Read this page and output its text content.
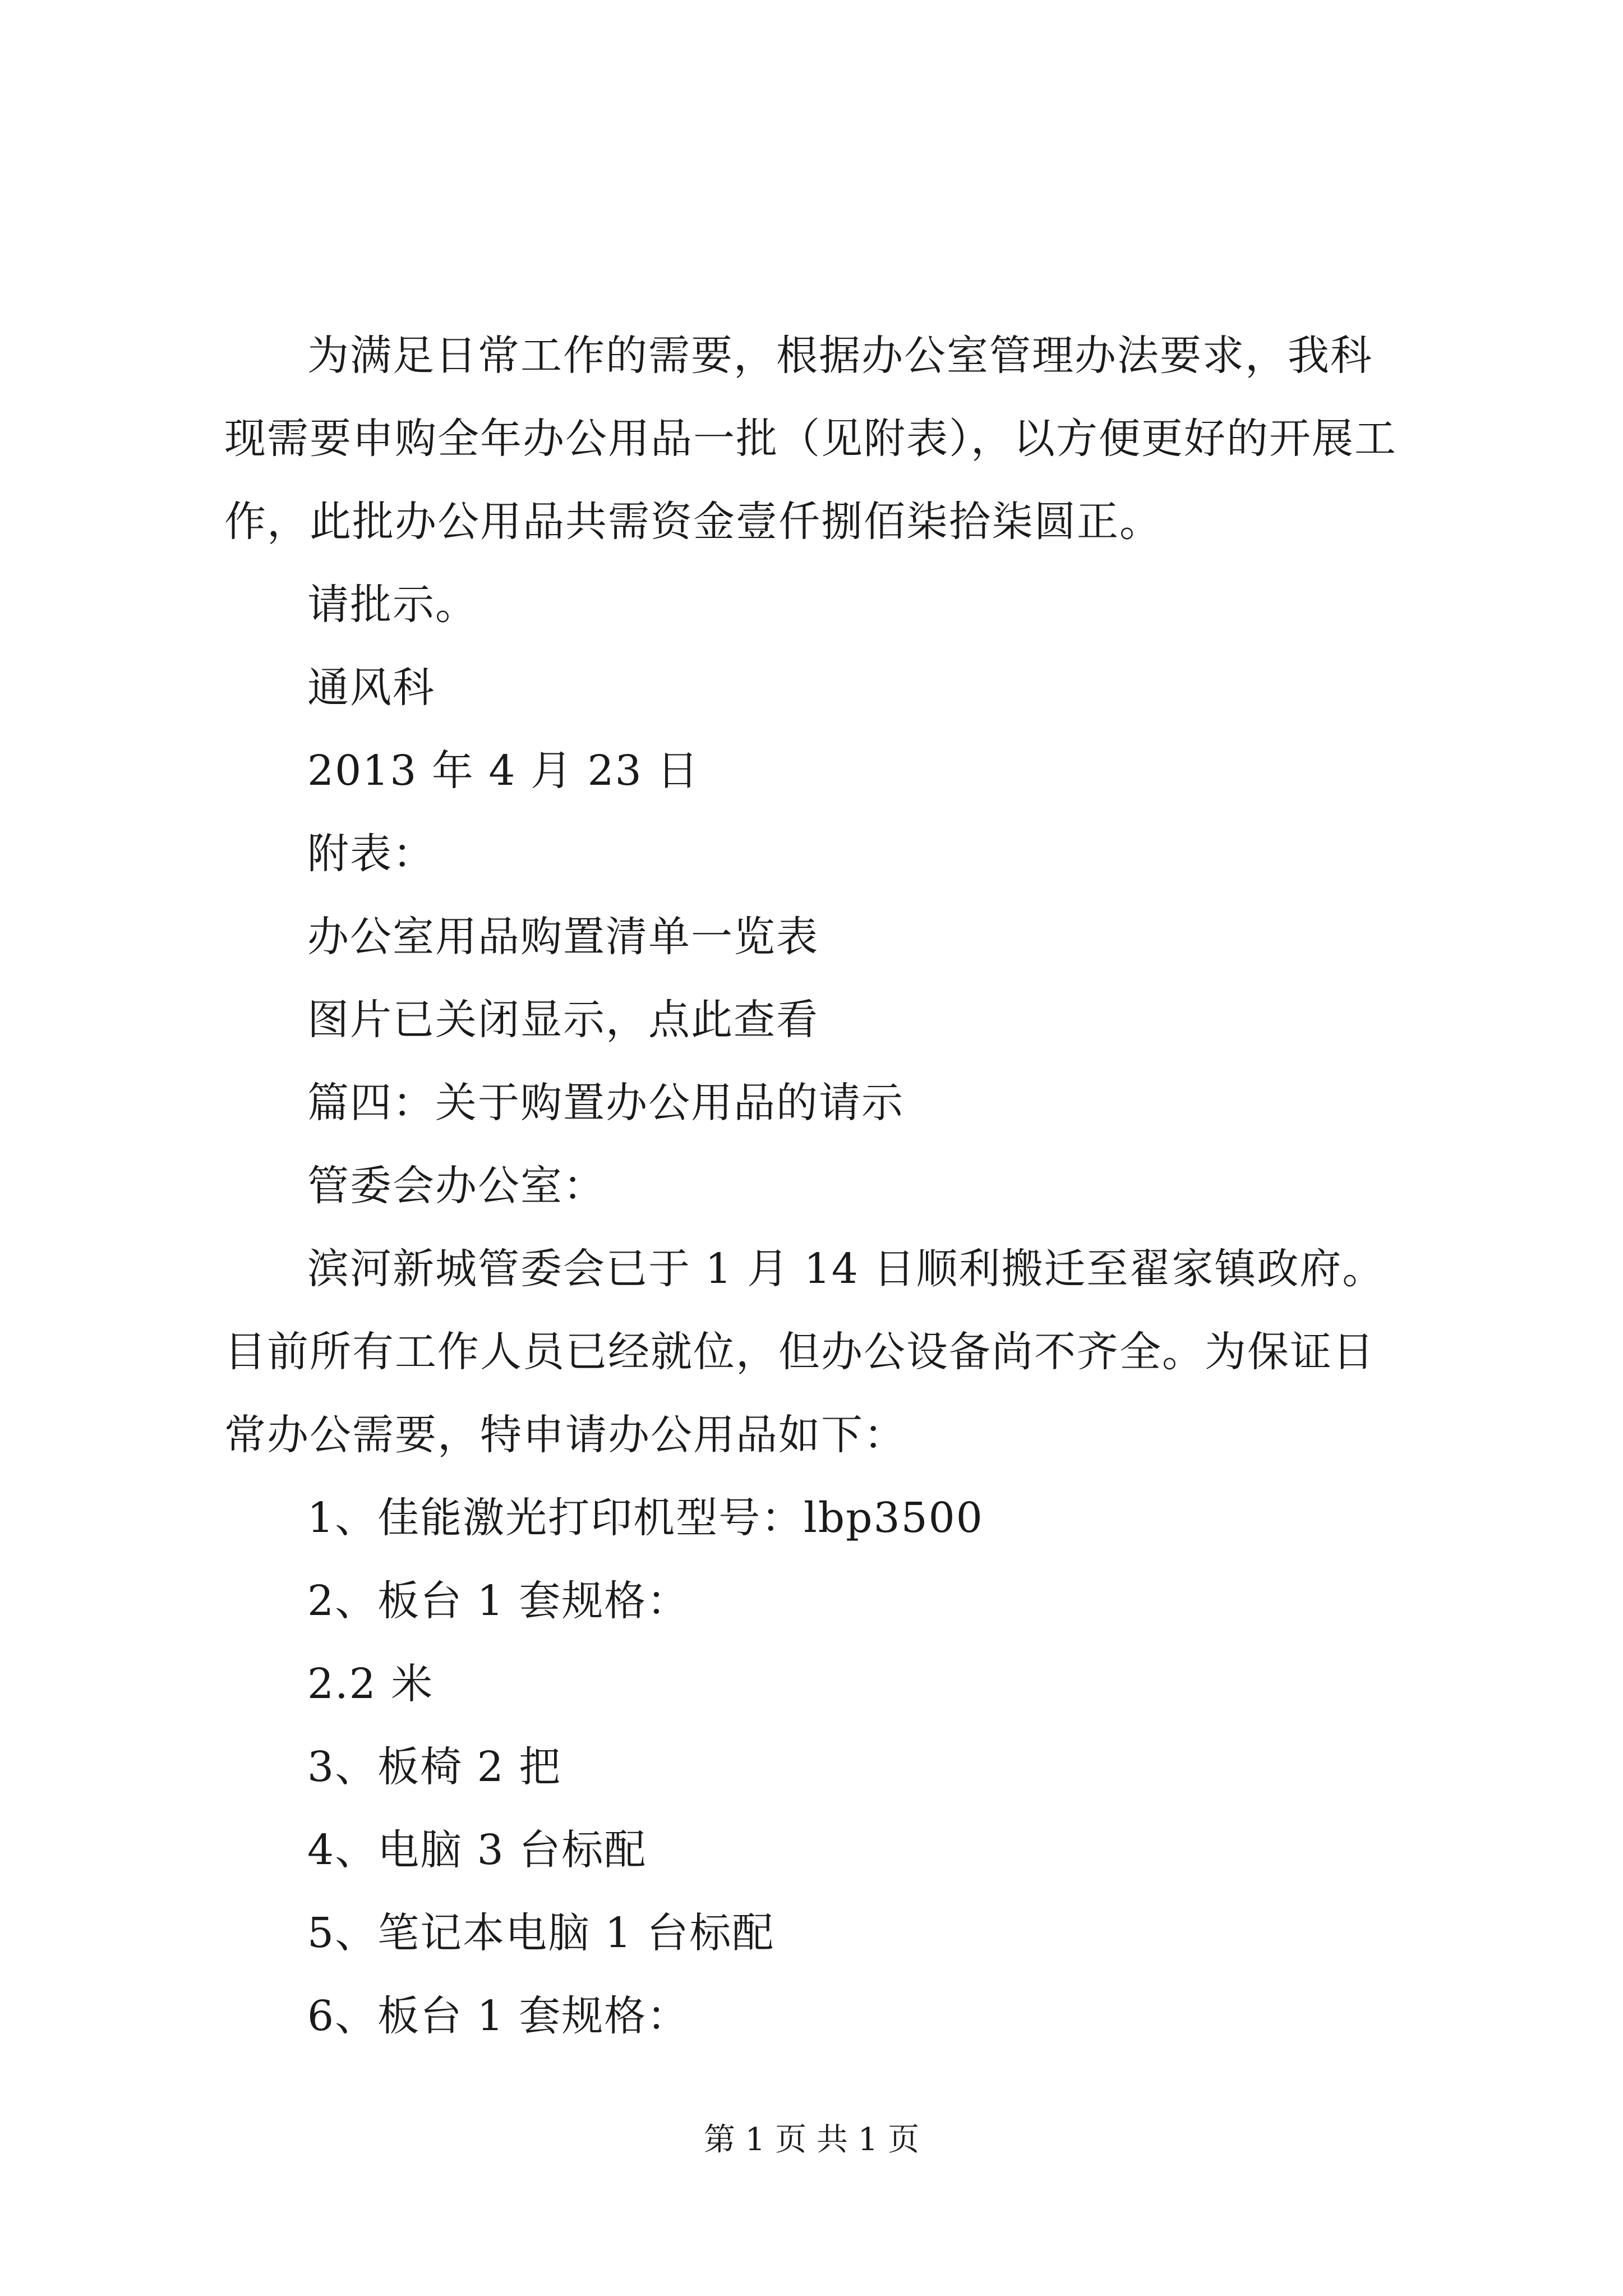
为满足日常工作的需要，根据办公室管理办法要求，我科现需要申购全年办公用品一批（见附表），以方便更好的开展工作，此批办公用品共需资金壹仟捌佰柒拾柒圆正。

请批示。

通风科

2013 年 4 月 23 日

附表：

办公室用品购置清单一览表

图片已关闭显示，点此查看

篇四：关于购置办公用品的请示

管委会办公室：

滨河新城管委会已于 1 月 14 日顺利搬迁至翟家镇政府。目前所有工作人员已经就位，但办公设备尚不齐全。为保证日常办公需要，特申请办公用品如下：

1、佳能激光打印机型号：lbp3500

2、板台 1 套规格：

2.2 米

3、板椅 2 把

4、电脑 3 台标配

5、笔记本电脑 1 台标配

6、板台 1 套规格：

第 1 页 共 1 页
